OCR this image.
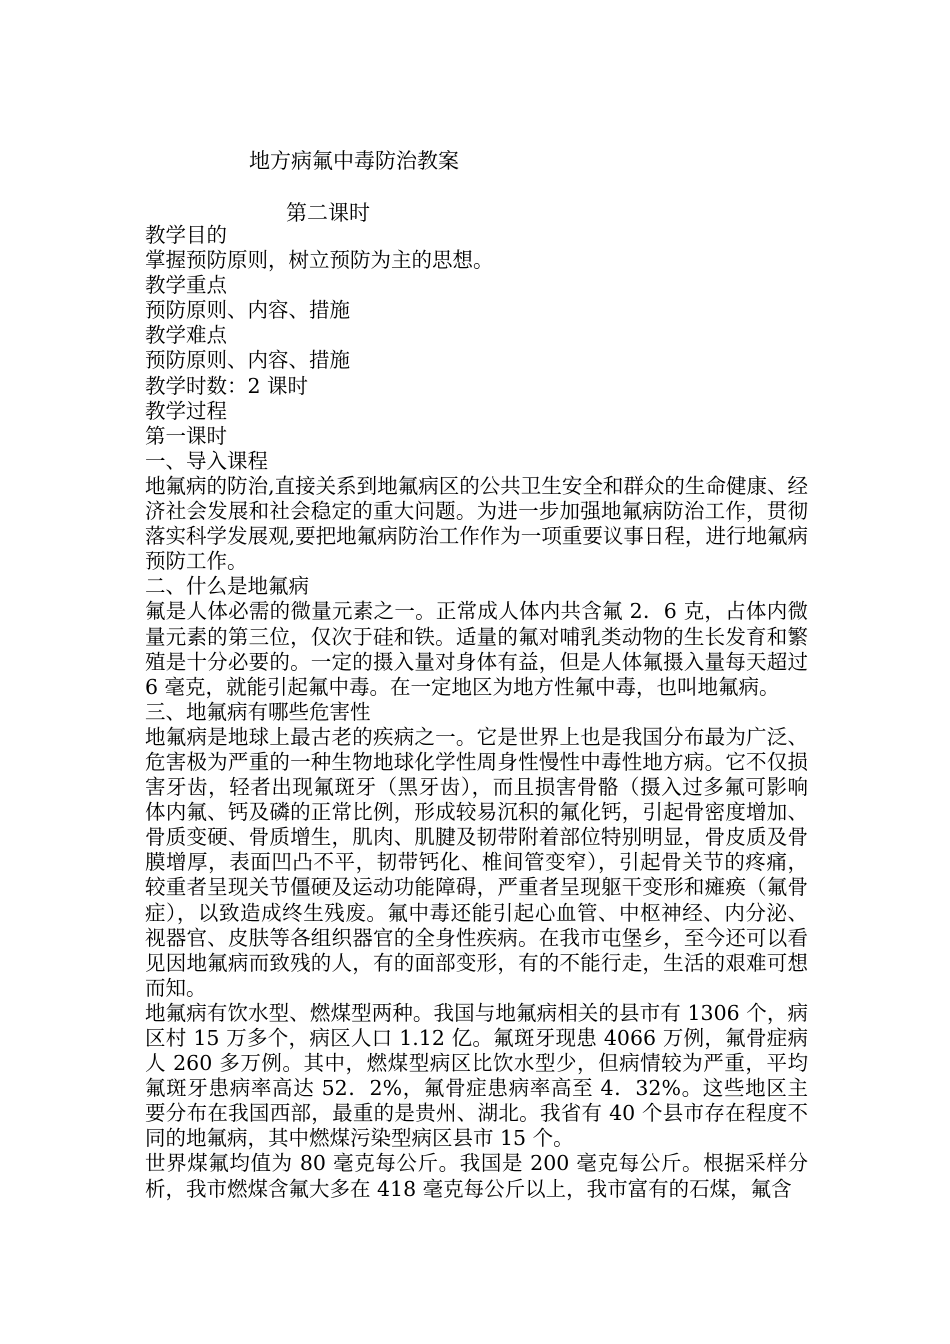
地方病氟中毒防治教案
第二课时

教学目的

掌握预防原则，树立预防为主的思想。

教学重点

预防原则、内容、措施

教学难点

预防原则、内容、措施

教学时数：2 课时

教学过程

第一课时

一、导入课程

地氟病的防治,直接关系到地氟病区的公共卫生安全和群众的生命健康、经济社会发展和社会稳定的重大问题。为进一步加强地氟病防治工作，贯彻落实科学发展观,要把地氟病防治工作作为一项重要议事日程，进行地氟病预防工作。

二、什么是地氟病

氟是人体必需的微量元素之一。正常成人体内共含氟 2．6 克，占体内微量元素的第三位，仅次于硅和铁。适量的氟对哺乳类动物的生长发育和繁殖是十分必要的。一定的摄入量对身体有益，但是人体氟摄入量每天超过 6 毫克，就能引起氟中毒。在一定地区为地方性氟中毒，也叫地氟病。

三、地氟病有哪些危害性

地氟病是地球上最古老的疾病之一。它是世界上也是我国分布最为广泛、危害极为严重的一种生物地球化学性周身性慢性中毒性地方病。它不仅损害牙齿，轻者出现氟斑牙（黑牙齿），而且损害骨骼（摄入过多氟可影响体内氟、钙及磷的正常比例，形成较易沉积的氟化钙，引起骨密度增加、骨质变硬、骨质增生，肌肉、肌腱及韧带附着部位特别明显，骨皮质及骨膜增厚，表面凹凸不平，韧带钙化、椎间管变窄），引起骨关节的疼痛，较重者呈现关节僵硬及运动功能障碍，严重者呈现躯干变形和瘫痪（氟骨症），以致造成终生残废。氟中毒还能引起心血管、中枢神经、内分泌、视器官、皮肤等各组织器官的全身性疾病。在我市屯堡乡，至今还可以看见因地氟病而致残的人，有的面部变形，有的不能行走，生活的艰难可想而知。

地氟病有饮水型、燃煤型两种。我国与地氟病相关的县市有 1306 个，病区村 15 万多个，病区人口 1.12 亿。氟斑牙现患 4066 万例，氟骨症病人 260 多万例。其中，燃煤型病区比饮水型少，但病情较为严重，平均氟斑牙患病率高达 52．2%，氟骨症患病率高至 4．32%。这些地区主要分布在我国西部，最重的是贵州、湖北。我省有 40 个县市存在程度不同的地氟病，其中燃煤污染型病区县市 15 个。

世界煤氟均值为 80 毫克每公斤。我国是 200 毫克每公斤。根据采样分析，我市燃煤含氟大多在 418 毫克每公斤以上，我市富有的石煤，氟含
